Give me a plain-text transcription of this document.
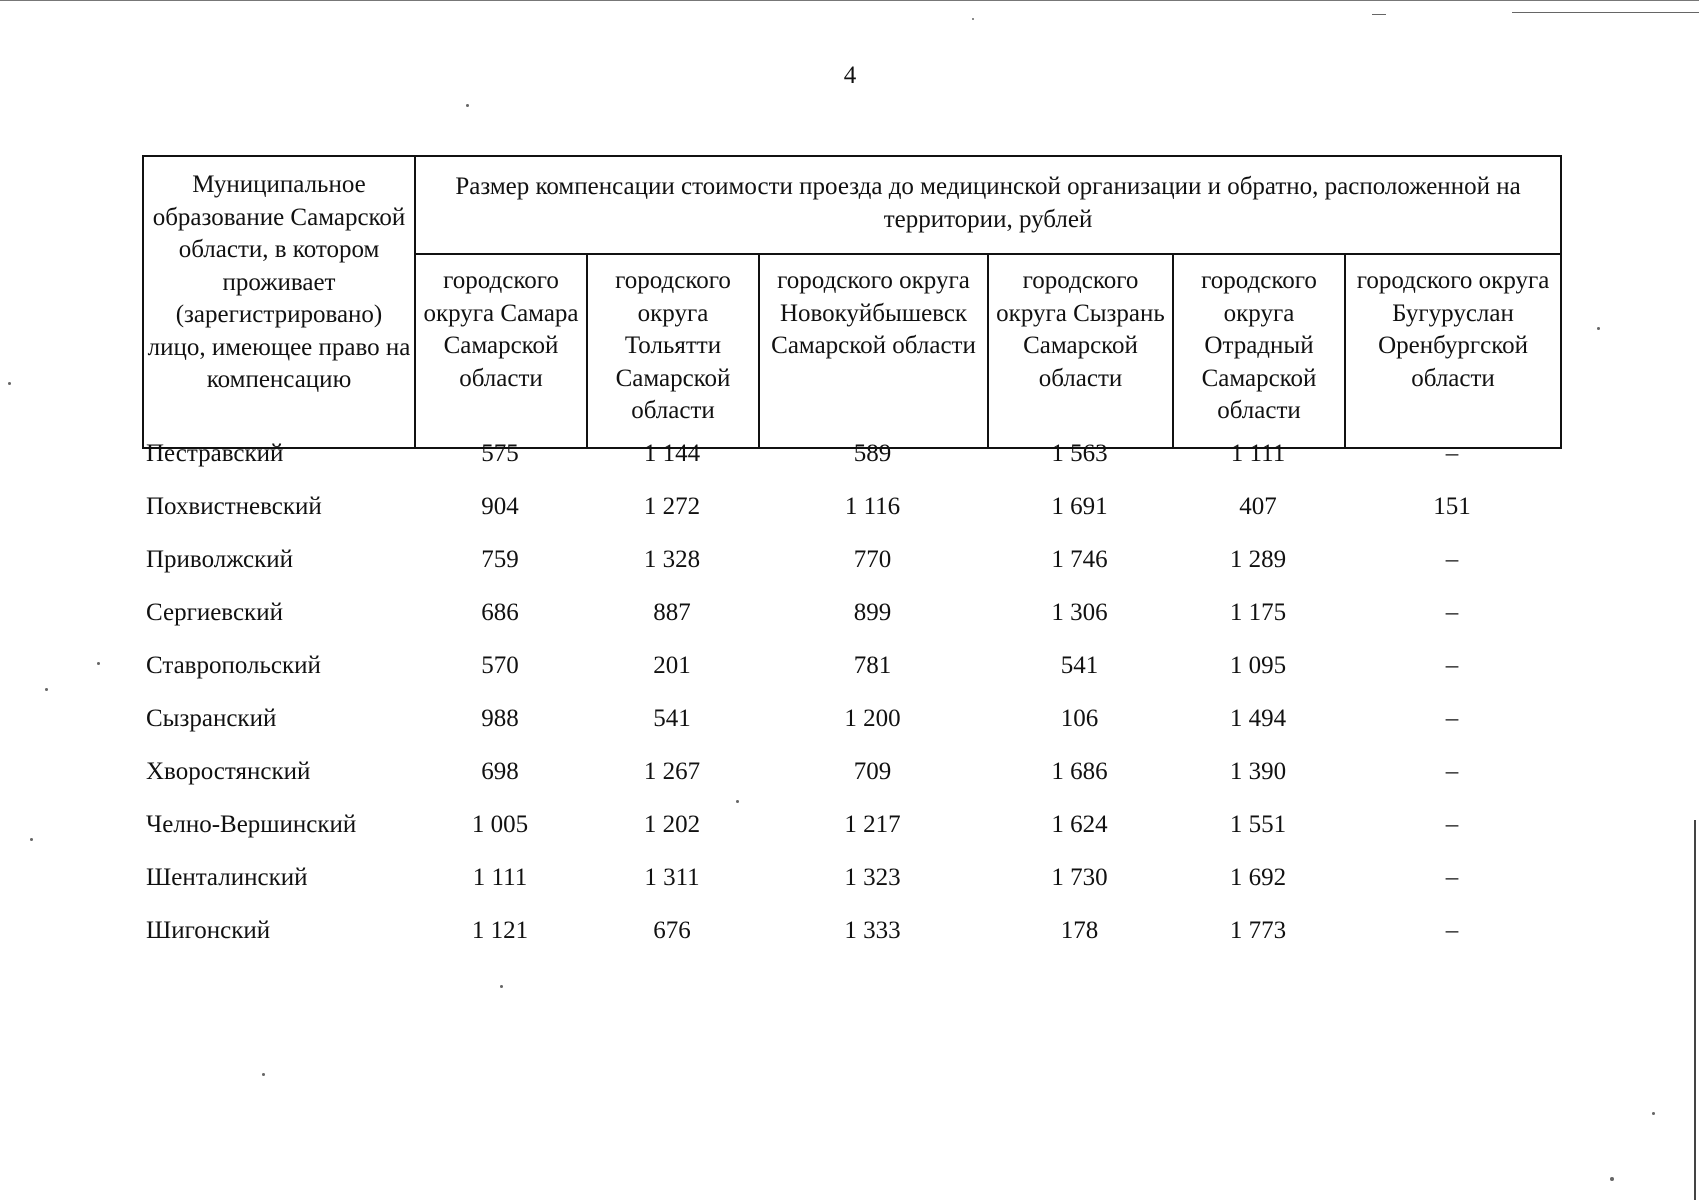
4
Муниципальное образование Самарской области, в котором проживает (зарегистрировано) лицо, имеющее право на компенсацию	Размер компенсации стоимости проезда до медицинской организации и обратно, расположенной на территории, рублей					
	городского округа Самара Самарской области	городского округа Тольятти Самарской области	городского округа Новокуйбышевск Самарской области	городского округа Сызрань Самарской области	городского округа Отрадный Самарской области	городского округа Бугуруслан Оренбургской области
Пестравский	575	1 144	589	1 563	1 111	–
Похвистневский	904	1 272	1 116	1 691	407	151
Приволжский	759	1 328	770	1 746	1 289	–
Сергиевский	686	887	899	1 306	1 175	–
Ставропольский	570	201	781	541	1 095	–
Сызранский	988	541	1 200	106	1 494	–
Хворостянский	698	1 267	709	1 686	1 390	–
Челно-Вершинский	1 005	1 202	1 217	1 624	1 551	–
Шенталинский	1 111	1 311	1 323	1 730	1 692	–
Шигонский	1 121	676	1 333	178	1 773	–
